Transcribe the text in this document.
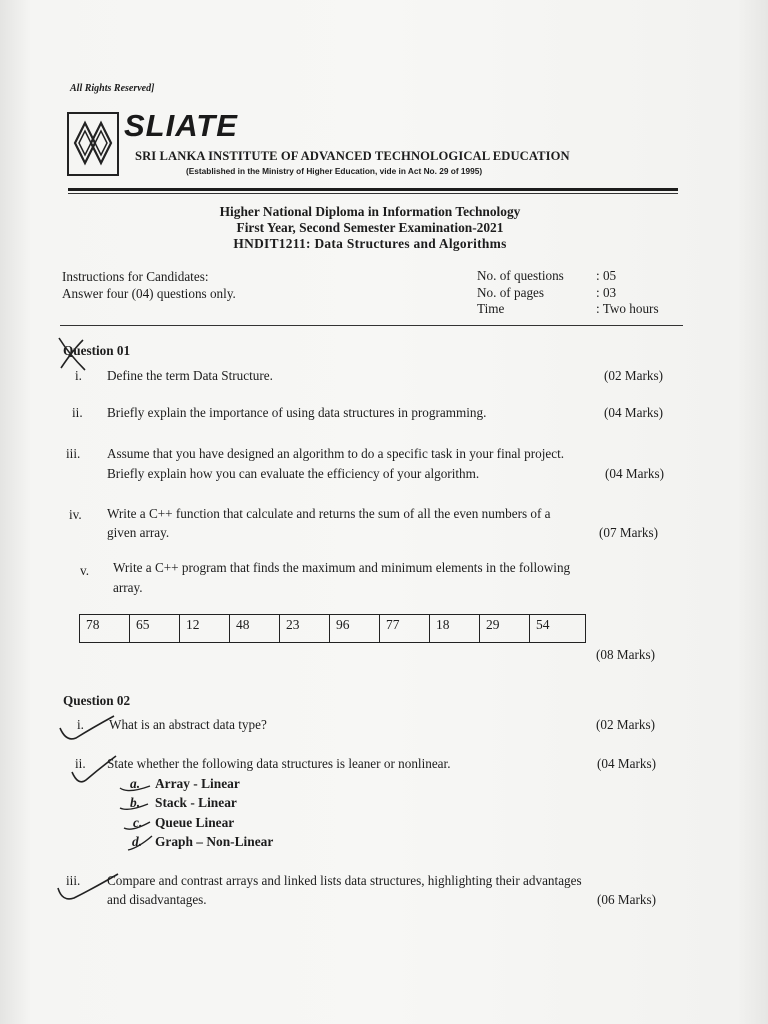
All Rights Reserved]
SLIATE
SRI LANKA INSTITUTE OF ADVANCED TECHNOLOGICAL EDUCATION
(Established in the Ministry of Higher Education, vide in Act No. 29 of 1995)
Higher National Diploma in Information Technology
First Year, Second Semester Examination-2021
HNDIT1211: Data Structures and Algorithms
Instructions for Candidates:
Answer four (04) questions only.
No. of questions : 05
No. of pages	: 03
Time	: Two hours
Question 01
i. Define the term Data Structure.	(02 Marks)
ii. Briefly explain the importance of using data structures in programming.	(04 Marks)
iii. Assume that you have designed an algorithm to do a specific task in your final project.
Briefly explain how you can evaluate the efficiency of your algorithm.	(04 Marks)
iv. Write a C++ function that calculate and returns the sum of all the even numbers of a
given array.	(07 Marks)
v. Write a C++ program that finds the maximum and minimum elements in the following
array.
78	65	12	48	23	96	77	18	29	54
(08 Marks)
Question 02
i. What is an abstract data type?	(02 Marks)
ii. State whether the following data structures is leaner or nonlinear.	(04 Marks)
a. Array - Linear
b. Stack - Linear
c. Queue Linear
d. Graph – Non-Linear
iii. Compare and contrast arrays and linked lists data structures, highlighting their advantages
and disadvantages.	(06 Marks)
